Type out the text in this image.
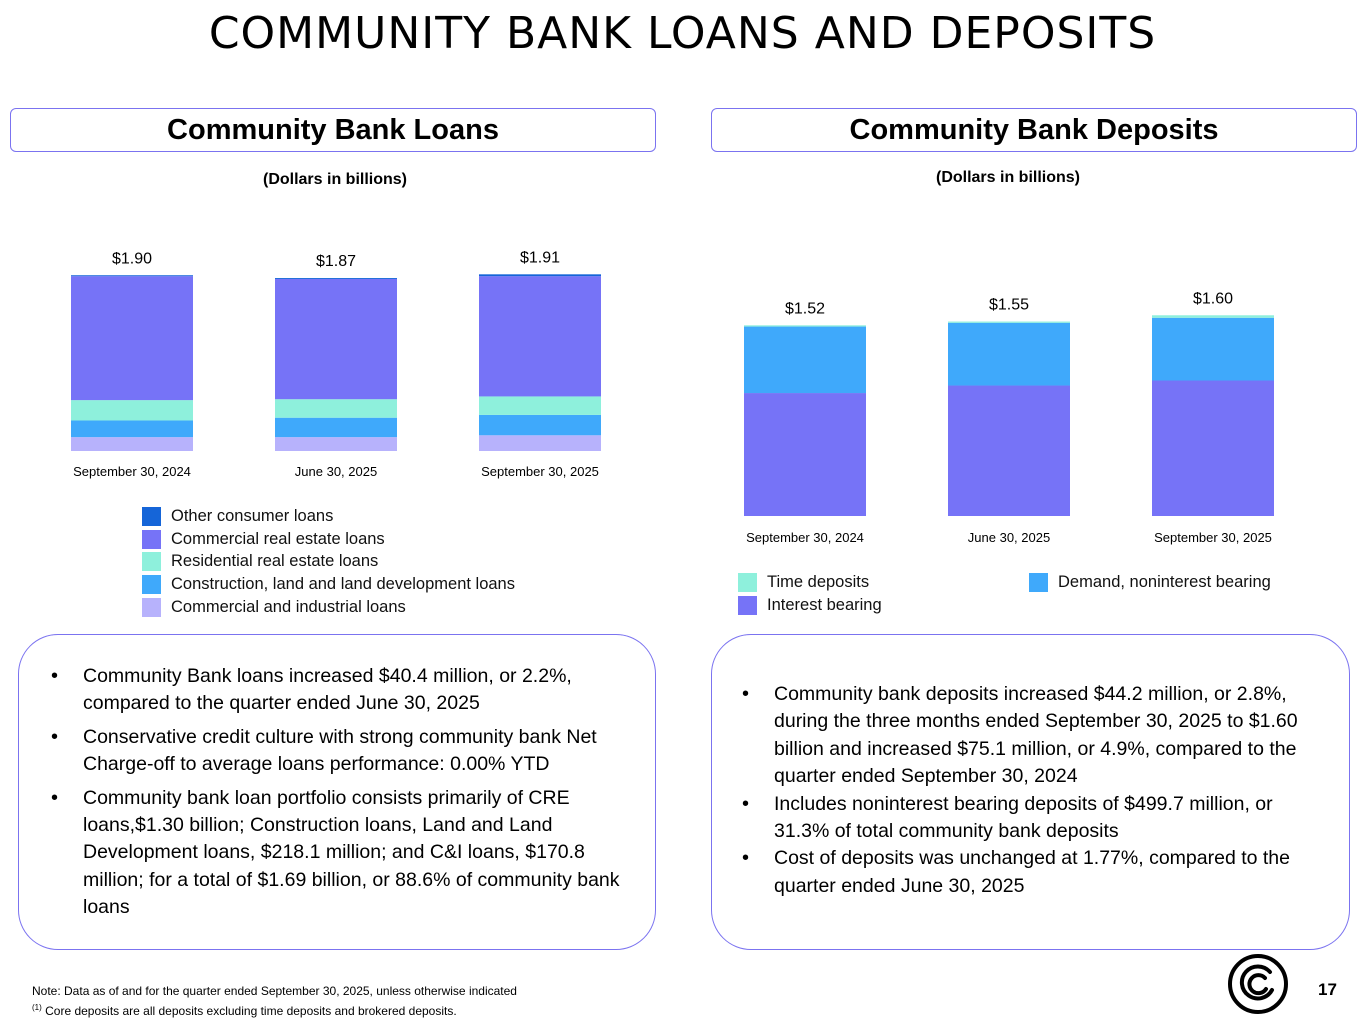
COMMUNITY BANK LOANS AND DEPOSITS
Community Bank Loans
(Dollars in billions)
$1.90
September 30, 2024
$1.87
June 30, 2025
$1.91
September 30, 2025
Other consumer loans
Commercial real estate loans
Residential real estate loans
Construction, land and land development loans
Commercial and industrial loans
• Community Bank loans increased $40.4 million, or 2.2%, compared to the quarter ended June 30, 2025
• Conservative credit culture with strong community bank Net Charge-off to average loans performance: 0.00% YTD
• Community bank loan portfolio consists primarily of CRE loans,$1.30 billion; Construction loans, Land and Land Development loans, $218.1 million; and C&I loans, $170.8 million; for a total of $1.69 billion, or 88.6% of community bank loans
Community Bank Deposits
(Dollars in billions)
$1.52
September 30, 2024
$1.55
June 30, 2025
$1.60
September 30, 2025
Time deposits
Interest bearing
Demand, noninterest bearing
• Community bank deposits increased $44.2 million, or 2.8%, during the three months ended September 30, 2025 to $1.60 billion and increased $75.1 million, or 4.9%, compared to the quarter ended September 30, 2024
• Includes noninterest bearing deposits of $499.7 million, or 31.3% of total community bank deposits
• Cost of deposits was unchanged at 1.77%, compared to the quarter ended June 30, 2025
Note: Data as of and for the quarter ended September 30, 2025, unless otherwise indicated
$^{(1)}$ Core deposits are all deposits excluding time deposits and brokered deposits.
17
